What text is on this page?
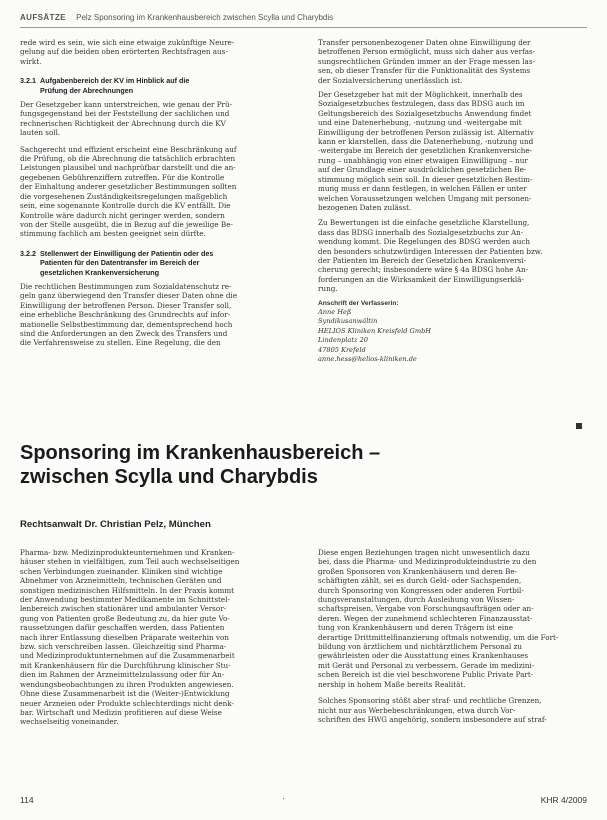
AUFSÄTZE Pelz Sponsoring im Krankenhausbereich zwischen Scylla und Charybdis
rede wird es sein, wie sich eine etwaige zukünftige Neure-
gelung auf die beiden oben erörterten Rechtsfragen aus-
wirkt.
3.2.1 Aufgabenbereich der KV im Hinblick auf die
Prüfung der Abrechnungen
Der Gesetzgeber kann unterstreichen, wie genau der Prü-
fungsgegenstand bei der Feststellung der sachlichen und
rechnerischen Richtigkeit der Abrechnung durch die KV
lauten soll.
Sachgerecht und effizient erscheint eine Beschränkung auf
die Prüfung, ob die Abrechnung die tatsächlich erbrachten
Leistungen plausibel und nachprüfbar darstellt und die an-
gegebenen Gebührenziffern zutreffen. Für die Kontrolle
der Einhaltung anderer gesetzlicher Bestimmungen sollten
die vorgesehenen Zuständigkeitsregelungen maßgeblich
sein, eine sogenannte Kontrolle durch die KV entfällt. Die
Kontrolle wäre dadurch nicht geringer werden, sondern
von der Stelle ausgeübt, die in Bezug auf die jeweilige Be-
stimmung fachlich am besten geeignet sein dürfte.
3.2.2 Stellenwert der Einwilligung der Patientin oder des
Patienten für den Datentransfer im Bereich der
gesetzlichen Krankenversicherung
Die rechtlichen Bestimmungen zum Sozialdatenschutz re-
geln ganz überwiegend den Transfer dieser Daten ohne die
Einwilligung der betroffenen Person. Dieser Transfer soll,
eine erhebliche Beschränkung des Grundrechts auf infor-
mationelle Selbstbestimmung dar, dementsprechend hoch
sind die Anforderungen an den Zweck des Transfers und
die Verfahrensweise zu stellen. Eine Regelung, die den
Transfer personenbezogener Daten ohne Einwilligung der
betroffenen Person ermöglicht, muss sich daher aus verfas-
sungsrechtlichen Gründen immer an der Frage messen las-
sen, ob dieser Transfer für die Funktionalität des Systems
der Sozialversicherung unerlässlich ist.
Der Gesetzgeber hat mit der Möglichkeit, innerhalb des
Sozialgesetzbuches festzulegen, dass das BDSG auch im
Geltungsbereich des Sozialgesetzbuchs Anwendung findet
und eine Datenerhebung, -nutzung und -weitergabe mit
Einwilligung der betroffenen Person zulässig ist. Alternativ
kann er klarstellen, dass die Datenerhebung, -nutzung und
-weitergabe im Bereich der gesetzlichen Krankenversiche-
rung – unabhängig von einer etwaigen Einwilligung – nur
auf der Grundlage einer ausdrücklichen gesetzlichen Be-
stimmung möglich sein soll. In dieser gesetzlichen Bestim-
mung muss er dann festlegen, in welchen Fällen er unter
welchen Voraussetzungen welchen Umgang mit personen-
bezogenen Daten zulässt.
Zu Bewertungen ist die einfache gesetzliche Klarstellung,
dass das BDSG innerhalb des Sozialgesetzbuchs zur An-
wendung kommt. Die Regelungen des BDSG werden auch
den besonders schutzwürdigen Interessen der Patienten bzw.
der Patienten im Bereich der Gesetzlichen Krankenversi-
cherung gerecht; insbesondere wäre § 4a BDSG hohe An-
forderungen an die Wirksamkeit der Einwilligungserklä-
rung.
Anschrift der Verfasserin:
Anne Heß
Syndikusanwältin
HELIOS Kliniken Kreisfeld GmbH
Lindenplatz 20
47805 Krefeld
anne.hess@helios-kliniken.de
Sponsoring im Krankenhausbereich –
zwischen Scylla und Charybdis

Rechtsanwalt Dr. Christian Pelz, München

Pharma- bzw. Medizinprodukteunternehmen und Kranken-
häuser stehen in vielfältigen, zum Teil auch wechselseitigen
schen Verbindungen zueinander. Kliniken sind wichtige
Abnehmer von Arzneimitteln, technischen Geräten und
sonstigen medizinischen Hilfsmitteln. In der Praxis kommt
der Anwendung bestimmter Medikamente im Schnittstel-
lenbereich zwischen stationärer und ambulanter Versor-
gung von Patienten große Bedeutung zu, da hier gute Vo-
raussetzungen dafür geschaffen werden, dass Patienten
nach ihrer Entlassung dieselben Präparate weiterhin von
bzw. sich verschreiben lassen. Gleichzeitig sind Pharma-
und Medizinproduktunternehmen auf die Zusammenarbeit
mit Krankenhäusern für die Durchführung klinischer Stu-
dien im Rahmen der Arzneimittelzulassung oder für An-
wendungsbeobachtungen zu ihren Produkten angewiesen.
Ohne diese Zusammenarbeit ist die (Weiter-)Entwicklung
neuer Arzneien oder Produkte schlechterdings nicht denk-
bar. Wirtschaft und Medizin profitieren auf diese Weise
wechselseitig voneinander.
Diese engen Beziehungen tragen nicht unwesentlich dazu
bei, dass die Pharma- und Medizinprodukteindustrie zu den
großen Sponsoren von Krankenhäusern und deren Be-
schäftigten zählt, sei es durch Geld- oder Sachspenden,
durch Sponsoring von Kongressen oder anderen Fortbil-
dungsveranstaltungen, durch Ausleihung von Wissen-
schaftspreisen, Vergabe von Forschungsaufträgen oder an-
deren. Wegen der zunehmend schlechteren Finanzausstat-
tung von Krankenhäusern und deren Trägern ist eine
derartige Drittmittelfinanzierung oftmals notwendig, um die Fort-
bildung von ärztlichem und nichtärztlichem Personal zu
gewährleisten oder die Ausstattung eines Krankenhauses
mit Gerät und Personal zu verbessern. Gerade im medizini-
schen Bereich ist die viel beschworene Public Private Part-
nership in hohem Maße bereits Realität.
Solches Sponsoring stößt aber straf- und rechtliche Grenzen,
nicht nur aus Werbebeschränkungen, etwa durch Vor-
schriften des HWG angehörig, sondern insbesondere auf straf-
114	·	KHR 4/2009
